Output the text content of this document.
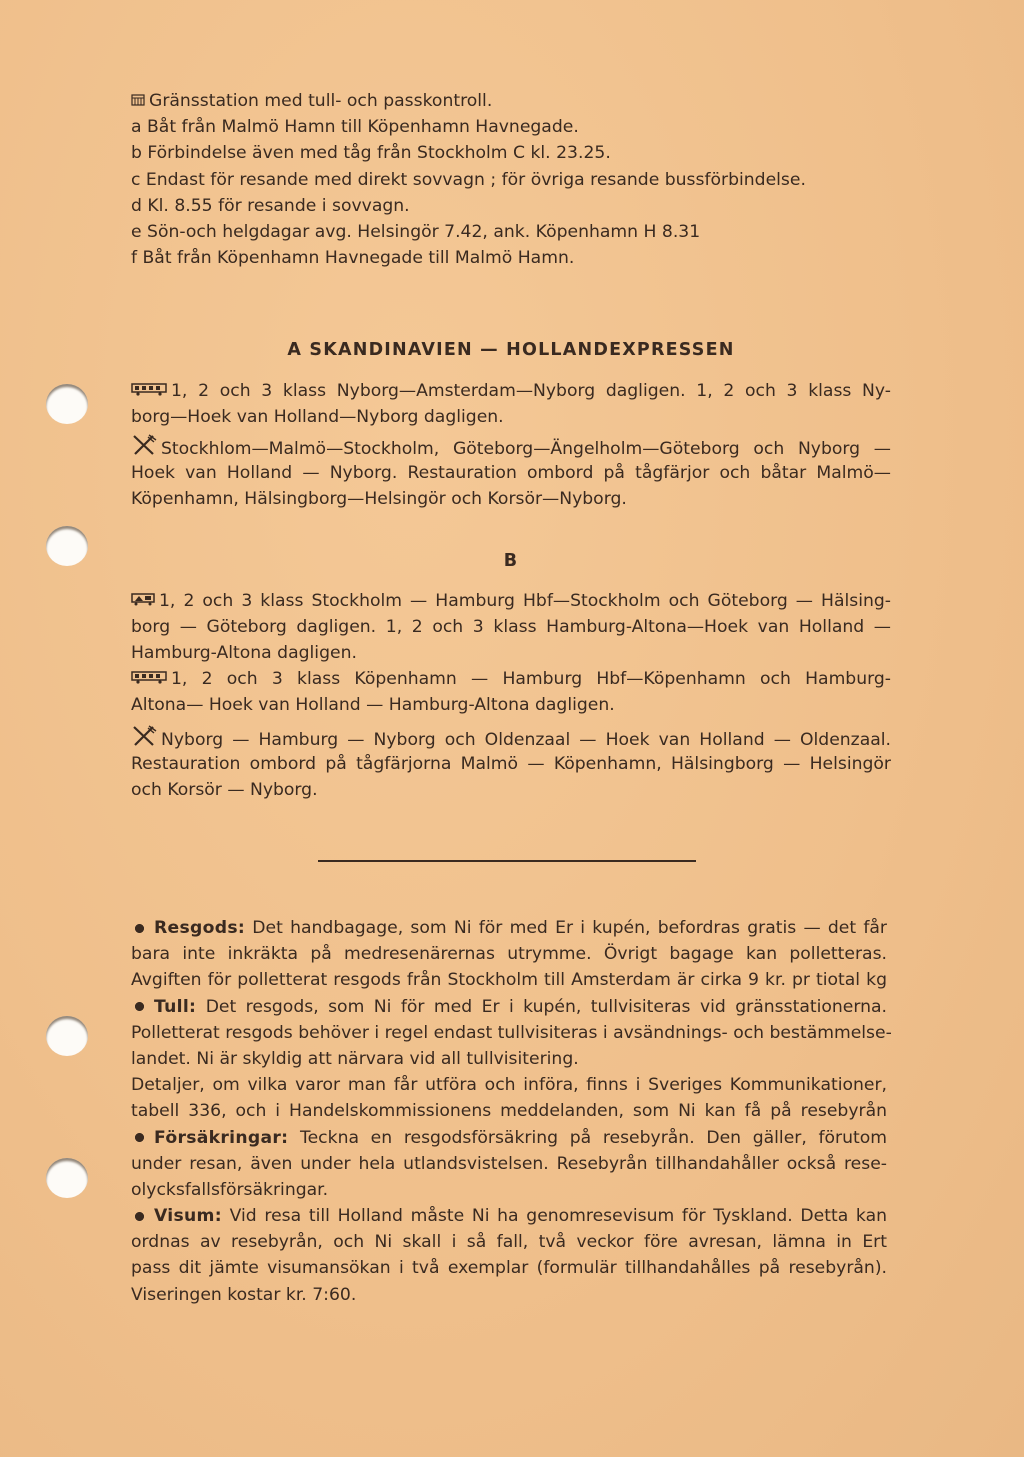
Gränsstation med tull- och passkontroll.
a Båt från Malmö Hamn till Köpenhamn Havnegade.
b Förbindelse även med tåg från Stockholm C kl. 23.25.
c Endast för resande med direkt sovvagn ; för övriga resande bussförbindelse.
d Kl. 8.55 för resande i sovvagn.
e Sön-och helgdagar avg. Helsingör 7.42, ank. Köpenhamn H 8.31
f Båt från Köpenhamn Havnegade till Malmö Hamn.
A SKANDINAVIEN — HOLLANDEXPRESSEN
1, 2 och 3 klass Nyborg—Amsterdam—Nyborg dagligen. 1, 2 och 3 klass Ny-
borg—Hoek van Holland—Nyborg dagligen.
Stockhlom—Malmö—Stockholm, Göteborg—Ängelholm—Göteborg och Nyborg —
Hoek van Holland — Nyborg. Restauration ombord på tågfärjor och båtar Malmö—
Köpenhamn, Hälsingborg—Helsingör och Korsör—Nyborg.
B
1, 2 och 3 klass Stockholm — Hamburg Hbf—Stockholm och Göteborg — Hälsing-
borg — Göteborg dagligen. 1, 2 och 3 klass Hamburg-Altona—Hoek van Holland —
Hamburg-Altona dagligen.
1, 2 och 3 klass Köpenhamn — Hamburg Hbf—Köpenhamn och Hamburg-
Altona— Hoek van Holland — Hamburg-Altona dagligen.
Nyborg — Hamburg — Nyborg och Oldenzaal — Hoek van Holland — Oldenzaal.
Restauration ombord på tågfärjorna Malmö — Köpenhamn, Hälsingborg — Helsingör
och Korsör — Nyborg.
Resgods: Det handbagage, som Ni för med Er i kupén, befordras gratis — det får
bara inte inkräkta på medresenärernas utrymme. Övrigt bagage kan polletteras.
Avgiften för polletterat resgods från Stockholm till Amsterdam är cirka 9 kr. pr tiotal kg
Tull: Det resgods, som Ni för med Er i kupén, tullvisiteras vid gränsstationerna.
Polletterat resgods behöver i regel endast tullvisiteras i avsändnings- och bestämmelse-
landet. Ni är skyldig att närvara vid all tullvisitering.
Detaljer, om vilka varor man får utföra och införa, finns i Sveriges Kommunikationer,
tabell 336, och i Handelskommissionens meddelanden, som Ni kan få på resebyrån
Försäkringar: Teckna en resgodsförsäkring på resebyrån. Den gäller, förutom
under resan, även under hela utlandsvistelsen. Resebyrån tillhandahåller också rese-
olycksfallsförsäkringar.
Visum: Vid resa till Holland måste Ni ha genomresevisum för Tyskland. Detta kan
ordnas av resebyrån, och Ni skall i så fall, två veckor före avresan, lämna in Ert
pass dit jämte visumansökan i två exemplar (formulär tillhandahålles på resebyrån).
Viseringen kostar kr. 7:60.
